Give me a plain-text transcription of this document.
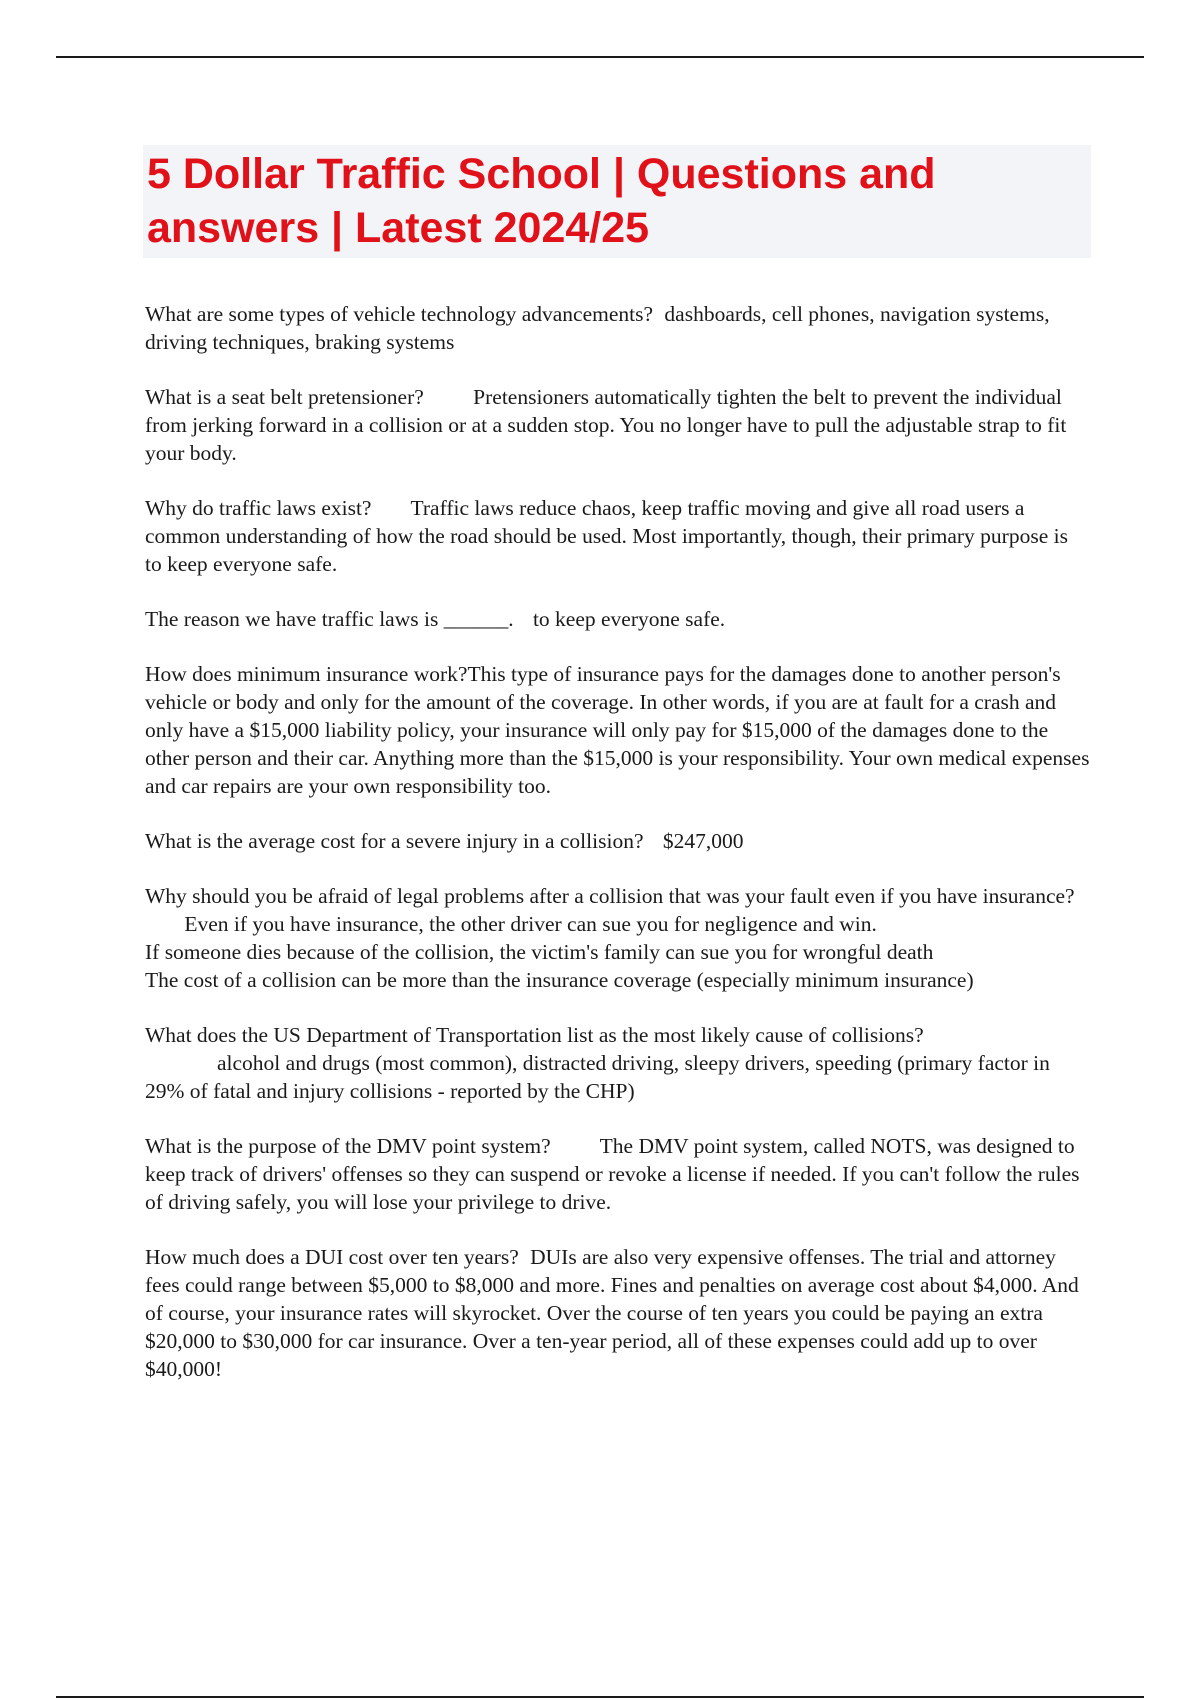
5 Dollar Traffic School | Questions and answers | Latest 2024/25

What are some types of vehicle technology advancements? dashboards, cell phones, navigation systems, driving techniques, braking systems

What is a seat belt pretensioner? Pretensioners automatically tighten the belt to prevent the individual from jerking forward in a collision or at a sudden stop. You no longer have to pull the adjustable strap to fit your body.

Why do traffic laws exist? Traffic laws reduce chaos, keep traffic moving and give all road users a common understanding of how the road should be used. Most importantly, though, their primary purpose is to keep everyone safe.

The reason we have traffic laws is ______. to keep everyone safe.

How does minimum insurance work?This type of insurance pays for the damages done to another person's vehicle or body and only for the amount of the coverage. In other words, if you are at fault for a crash and only have a $15,000 liability policy, your insurance will only pay for $15,000 of the damages done to the other person and their car. Anything more than the $15,000 is your responsibility. Your own medical expenses and car repairs are your own responsibility too.

What is the average cost for a severe injury in a collision? $247,000

Why should you be afraid of legal problems after a collision that was your fault even if you have insurance? Even if you have insurance, the other driver can sue you for negligence and win.
If someone dies because of the collision, the victim's family can sue you for wrongful death
The cost of a collision can be more than the insurance coverage (especially minimum insurance)

What does the US Department of Transportation list as the most likely cause of collisions?
alcohol and drugs (most common), distracted driving, sleepy drivers, speeding (primary factor in 29% of fatal and injury collisions - reported by the CHP)

What is the purpose of the DMV point system? The DMV point system, called NOTS, was designed to keep track of drivers' offenses so they can suspend or revoke a license if needed. If you can't follow the rules of driving safely, you will lose your privilege to drive.

How much does a DUI cost over ten years? DUIs are also very expensive offenses. The trial and attorney fees could range between $5,000 to $8,000 and more. Fines and penalties on average cost about $4,000. And of course, your insurance rates will skyrocket. Over the course of ten years you could be paying an extra $20,000 to $30,000 for car insurance. Over a ten-year period, all of these expenses could add up to over $40,000!
